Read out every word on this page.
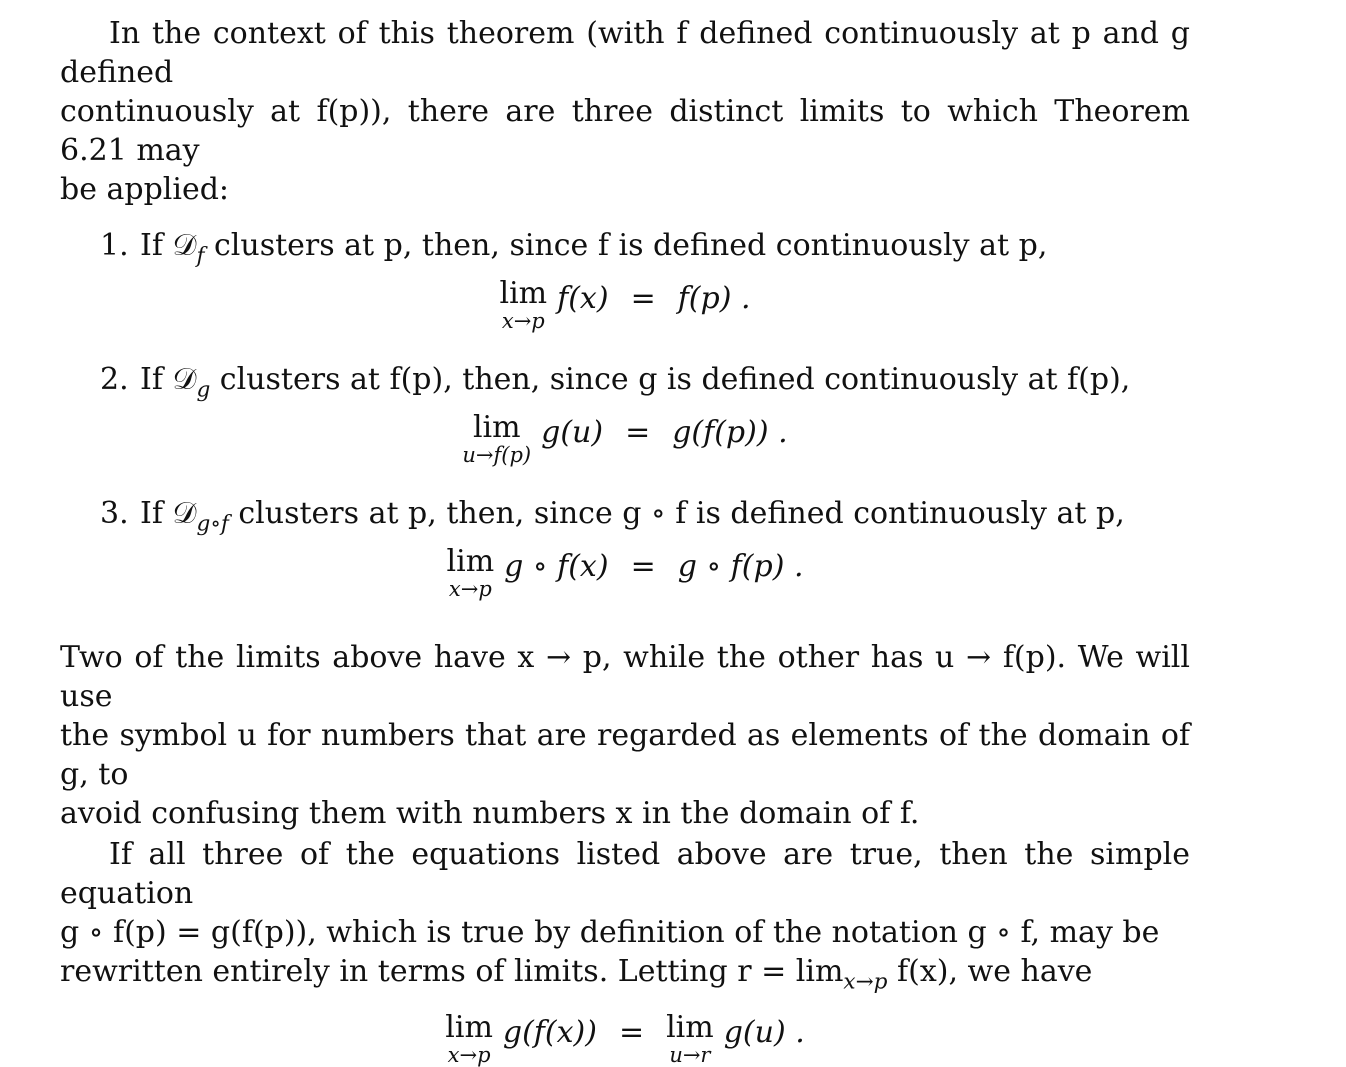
In the context of this theorem (with f defined continuously at p and g defined
continuously at f(p)), there are three distinct limits to which Theorem 6.21 may
be applied:

1. If 𝒟$_f$ clusters at p, then, since f is defined continuously at p,

lim
x→p
f(x) = f(p) .

2. If 𝒟$_g$ clusters at f(p), then, since g is defined continuously at f(p),

lim
u→f(p)
g(u) = g(f(p)) .

3. If 𝒟$_{g\circ f}$ clusters at p, then, since g ∘ f is defined continuously at p,

lim
x→p
g ∘ f(x) = g ∘ f(p) .

Two of the limits above have x → p, while the other has u → f(p). We will use
the symbol u for numbers that are regarded as elements of the domain of g, to
avoid confusing them with numbers x in the domain of f.

If all three of the equations listed above are true, then the simple equation
g ∘ f(p) = g(f(p)), which is true by definition of the notation g ∘ f, may be
rewritten entirely in terms of limits. Letting $r = \lim_{x\to p} f(x)$, we have

lim
x→p
g(f(x)) = lim
u→r
g(u) .
